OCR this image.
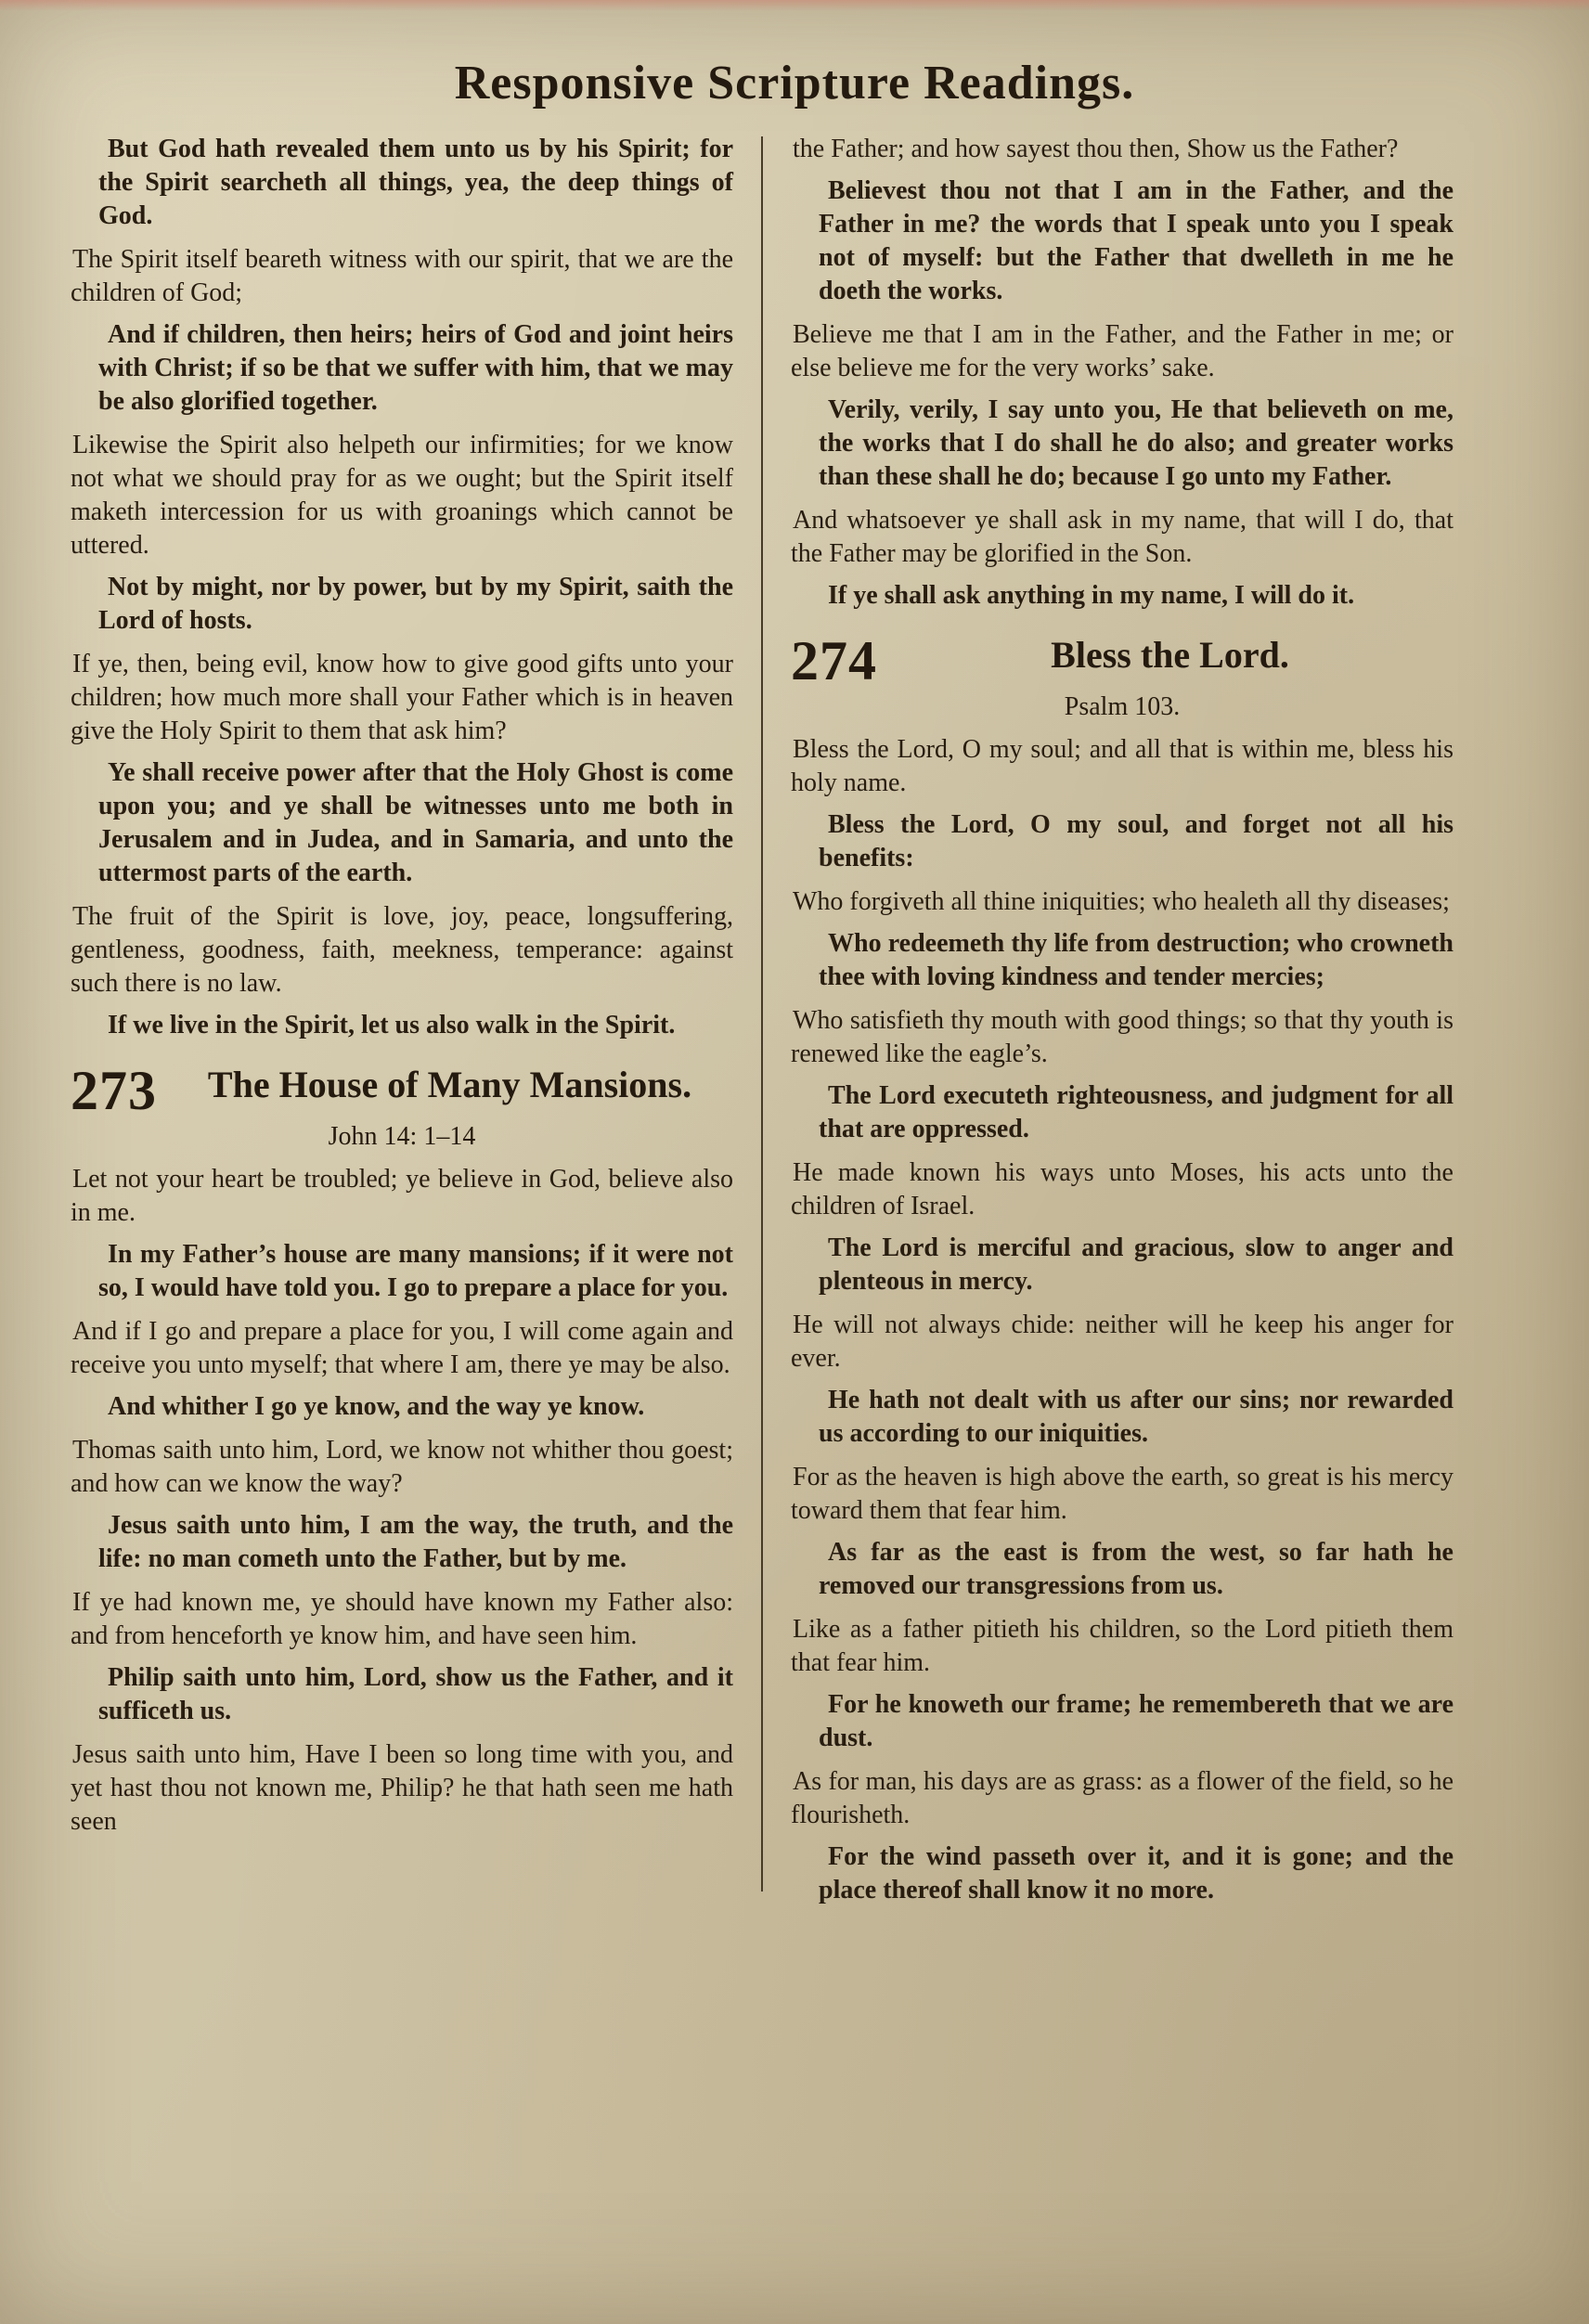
Responsive Scripture Readings.

But God hath revealed them unto us by his Spirit; for the Spirit searcheth all things, yea, the deep things of God.

The Spirit itself beareth witness with our spirit, that we are the children of God;

And if children, then heirs; heirs of God and joint heirs with Christ; if so be that we suffer with him, that we may be also glorified together.

Likewise the Spirit also helpeth our infirmities; for we know not what we should pray for as we ought; but the Spirit itself maketh intercession for us with groanings which cannot be uttered.

Not by might, nor by power, but by my Spirit, saith the Lord of hosts.

If ye, then, being evil, know how to give good gifts unto your children; how much more shall your Father which is in heaven give the Holy Spirit to them that ask him?

Ye shall receive power after that the Holy Ghost is come upon you; and ye shall be witnesses unto me both in Jerusalem and in Judea, and in Samaria, and unto the uttermost parts of the earth.

The fruit of the Spirit is love, joy, peace, longsuffering, gentleness, goodness, faith, meekness, temperance: against such there is no law.

If we live in the Spirit, let us also walk in the Spirit.

273	The House of Many Mansions.
John 14: 1–14

Let not your heart be troubled; ye believe in God, believe also in me.

In my Father’s house are many mansions; if it were not so, I would have told you. I go to prepare a place for you.

And if I go and prepare a place for you, I will come again and receive you unto myself; that where I am, there ye may be also.

And whither I go ye know, and the way ye know.

Thomas saith unto him, Lord, we know not whither thou goest; and how can we know the way?

Jesus saith unto him, I am the way, the truth, and the life: no man cometh unto the Father, but by me.

If ye had known me, ye should have known my Father also: and from henceforth ye know him, and have seen him.

Philip saith unto him, Lord, show us the Father, and it sufficeth us.

Jesus saith unto him, Have I been so long time with you, and yet hast thou not known me, Philip? he that hath seen me hath seen

the Father; and how sayest thou then, Show us the Father?

Believest thou not that I am in the Father, and the Father in me? the words that I speak unto you I speak not of myself: but the Father that dwelleth in me he doeth the works.

Believe me that I am in the Father, and the Father in me; or else believe me for the very works’ sake.

Verily, verily, I say unto you, He that believeth on me, the works that I do shall he do also; and greater works than these shall he do; because I go unto my Father.

And whatsoever ye shall ask in my name, that will I do, that the Father may be glorified in the Son.

If ye shall ask anything in my name, I will do it.

274	Bless the Lord.
Psalm 103.

Bless the Lord, O my soul; and all that is within me, bless his holy name.

Bless the Lord, O my soul, and forget not all his benefits:

Who forgiveth all thine iniquities; who healeth all thy diseases;

Who redeemeth thy life from destruction; who crowneth thee with loving kindness and tender mercies;

Who satisfieth thy mouth with good things; so that thy youth is renewed like the eagle’s.

The Lord executeth righteousness, and judgment for all that are oppressed.

He made known his ways unto Moses, his acts unto the children of Israel.

The Lord is merciful and gracious, slow to anger and plenteous in mercy.

He will not always chide: neither will he keep his anger for ever.

He hath not dealt with us after our sins; nor rewarded us according to our iniquities.

For as the heaven is high above the earth, so great is his mercy toward them that fear him.

As far as the east is from the west, so far hath he removed our transgressions from us.

Like as a father pitieth his children, so the Lord pitieth them that fear him.

For he knoweth our frame; he remembereth that we are dust.

As for man, his days are as grass: as a flower of the field, so he flourisheth.

For the wind passeth over it, and it is gone; and the place thereof shall know it no more.
